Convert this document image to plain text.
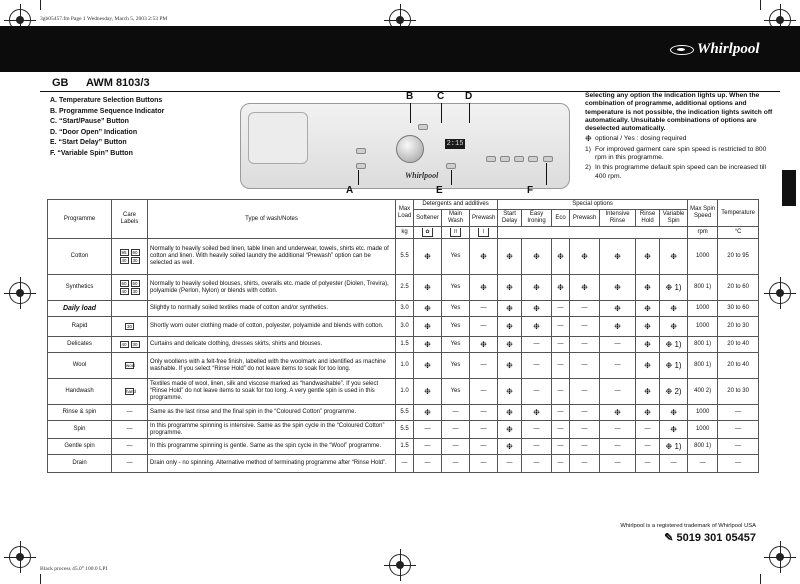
3gb05457.fm Page 1 Wednesday, March 5, 2003 2:53 PM
Black process 45.0° 100.0 LPI
Whirlpool
GB AWM 8103/3
A. Temperature Selection Buttons
B. Programme Sequence Indicator
C. “Start/Pause” Button
D. “Door Open” Indication
E. “Start Delay” Button
F. “Variable Spin” Button
2:15
Whirlpool
B C D
A	E	F
Selecting any option the indication lights up. When the combination of programme, additional options and temperature is not possible, the indication lights switch off automatically. Unsuitable combinations of options are deselected automatically.
❉ optional / Yes : dosing required
1) For improved garment care spin speed is restricted to 800 rpm in this programme.
2) In this programme default spin speed can be increased till 400 rpm.
Programme	Care Labels	Type of wash/Notes	Max Load	Detergents and additives			Special options							Max Spin Speed	Temperature
				Softener	Main Wash	Prewash	Start Delay	Easy Ironing	Eco	Prewash	Intensive Rinse	Rinse Hold	Variable Spin		
			kg	✿	II	I								rpm	°C
Cotton	95 6040 30	Normally to heavily soiled bed linen, table linen and underwear, towels, shirts etc. made of cotton and linen. With heavily soiled laundry the additional “Prewash” option can be selected as well.	5.5	❉	Yes	❉	❉	❉	❉	❉	❉	❉	❉	1000	20 to 95
Synthetics	60 5040 30	Normally to heavily soiled blouses, shirts, overalls etc. made of polyester (Diolen, Trevira), polyamide (Perlon, Nylon) or blends with cotton.	2.5	❉	Yes	❉	❉	❉	❉	❉	❉	❉	❉ 1)	800 1)	20 to 60
Daily load		Slightly to normally soiled textiles made of cotton and/or synthetics.	3.0	❉	Yes	—	❉	❉	—	—	❉	❉	❉	1000	30 to 60
Rapid	30	Shortly worn outer clothing made of cotton, polyester, polyamide and blends with cotton.	3.0	❉	Yes	—	❉	❉	—	—	❉	❉	❉	1000	20 to 30
Delicates	40 30	Curtains and delicate clothing, dresses skirts, shirts and blouses.	1.5	❉	Yes	❉	❉	—	—	—	—	❉	❉ 1)	800 1)	20 to 40
Wool	wool	Only woollens with a felt-free finish, labelled with the woolmark and identified as machine washable. If you select “Rinse Hold” do not leave items to soak for too long.	1.0	❉	Yes	—	❉	—	—	—	—	❉	❉ 1)	800 1)	20 to 40
Handwash	hand	Textiles made of wool, linen, silk and viscose marked as “handwashable”. If you select “Rinse Hold” do not leave items to soak for too long. A very gentle spin is used in this programme.	1.0	❉	Yes	—	❉	—	—	—	—	❉	❉ 2)	400 2)	20 to 30
Rinse & spin	—	Same as the last rinse and the final spin in the “Coloured Cotton” programme.	5.5	❉	—	—	❉	❉	—	—	❉	❉	❉	1000	—
Spin	—	In this programme spinning is intensive. Same as the spin cycle in the “Coloured Cotton” programme.	5.5	—	—	—	❉	—	—	—	—	—	❉	1000	—
Gentle spin	—	In this programme spinning is gentle. Same as the spin cycle in the “Wool” programme.	1.5	—	—	—	❉	—	—	—	—	—	❉ 1)	800 1)	—
Drain	—	Drain only - no spinning. Alternative method of terminating programme after “Rinse Hold”.	—	—	—	—	—	—	—	—	—	—	—	—	—
Whirlpool is a registered trademark of Whirlpool USA
✎ 5019 301 05457
